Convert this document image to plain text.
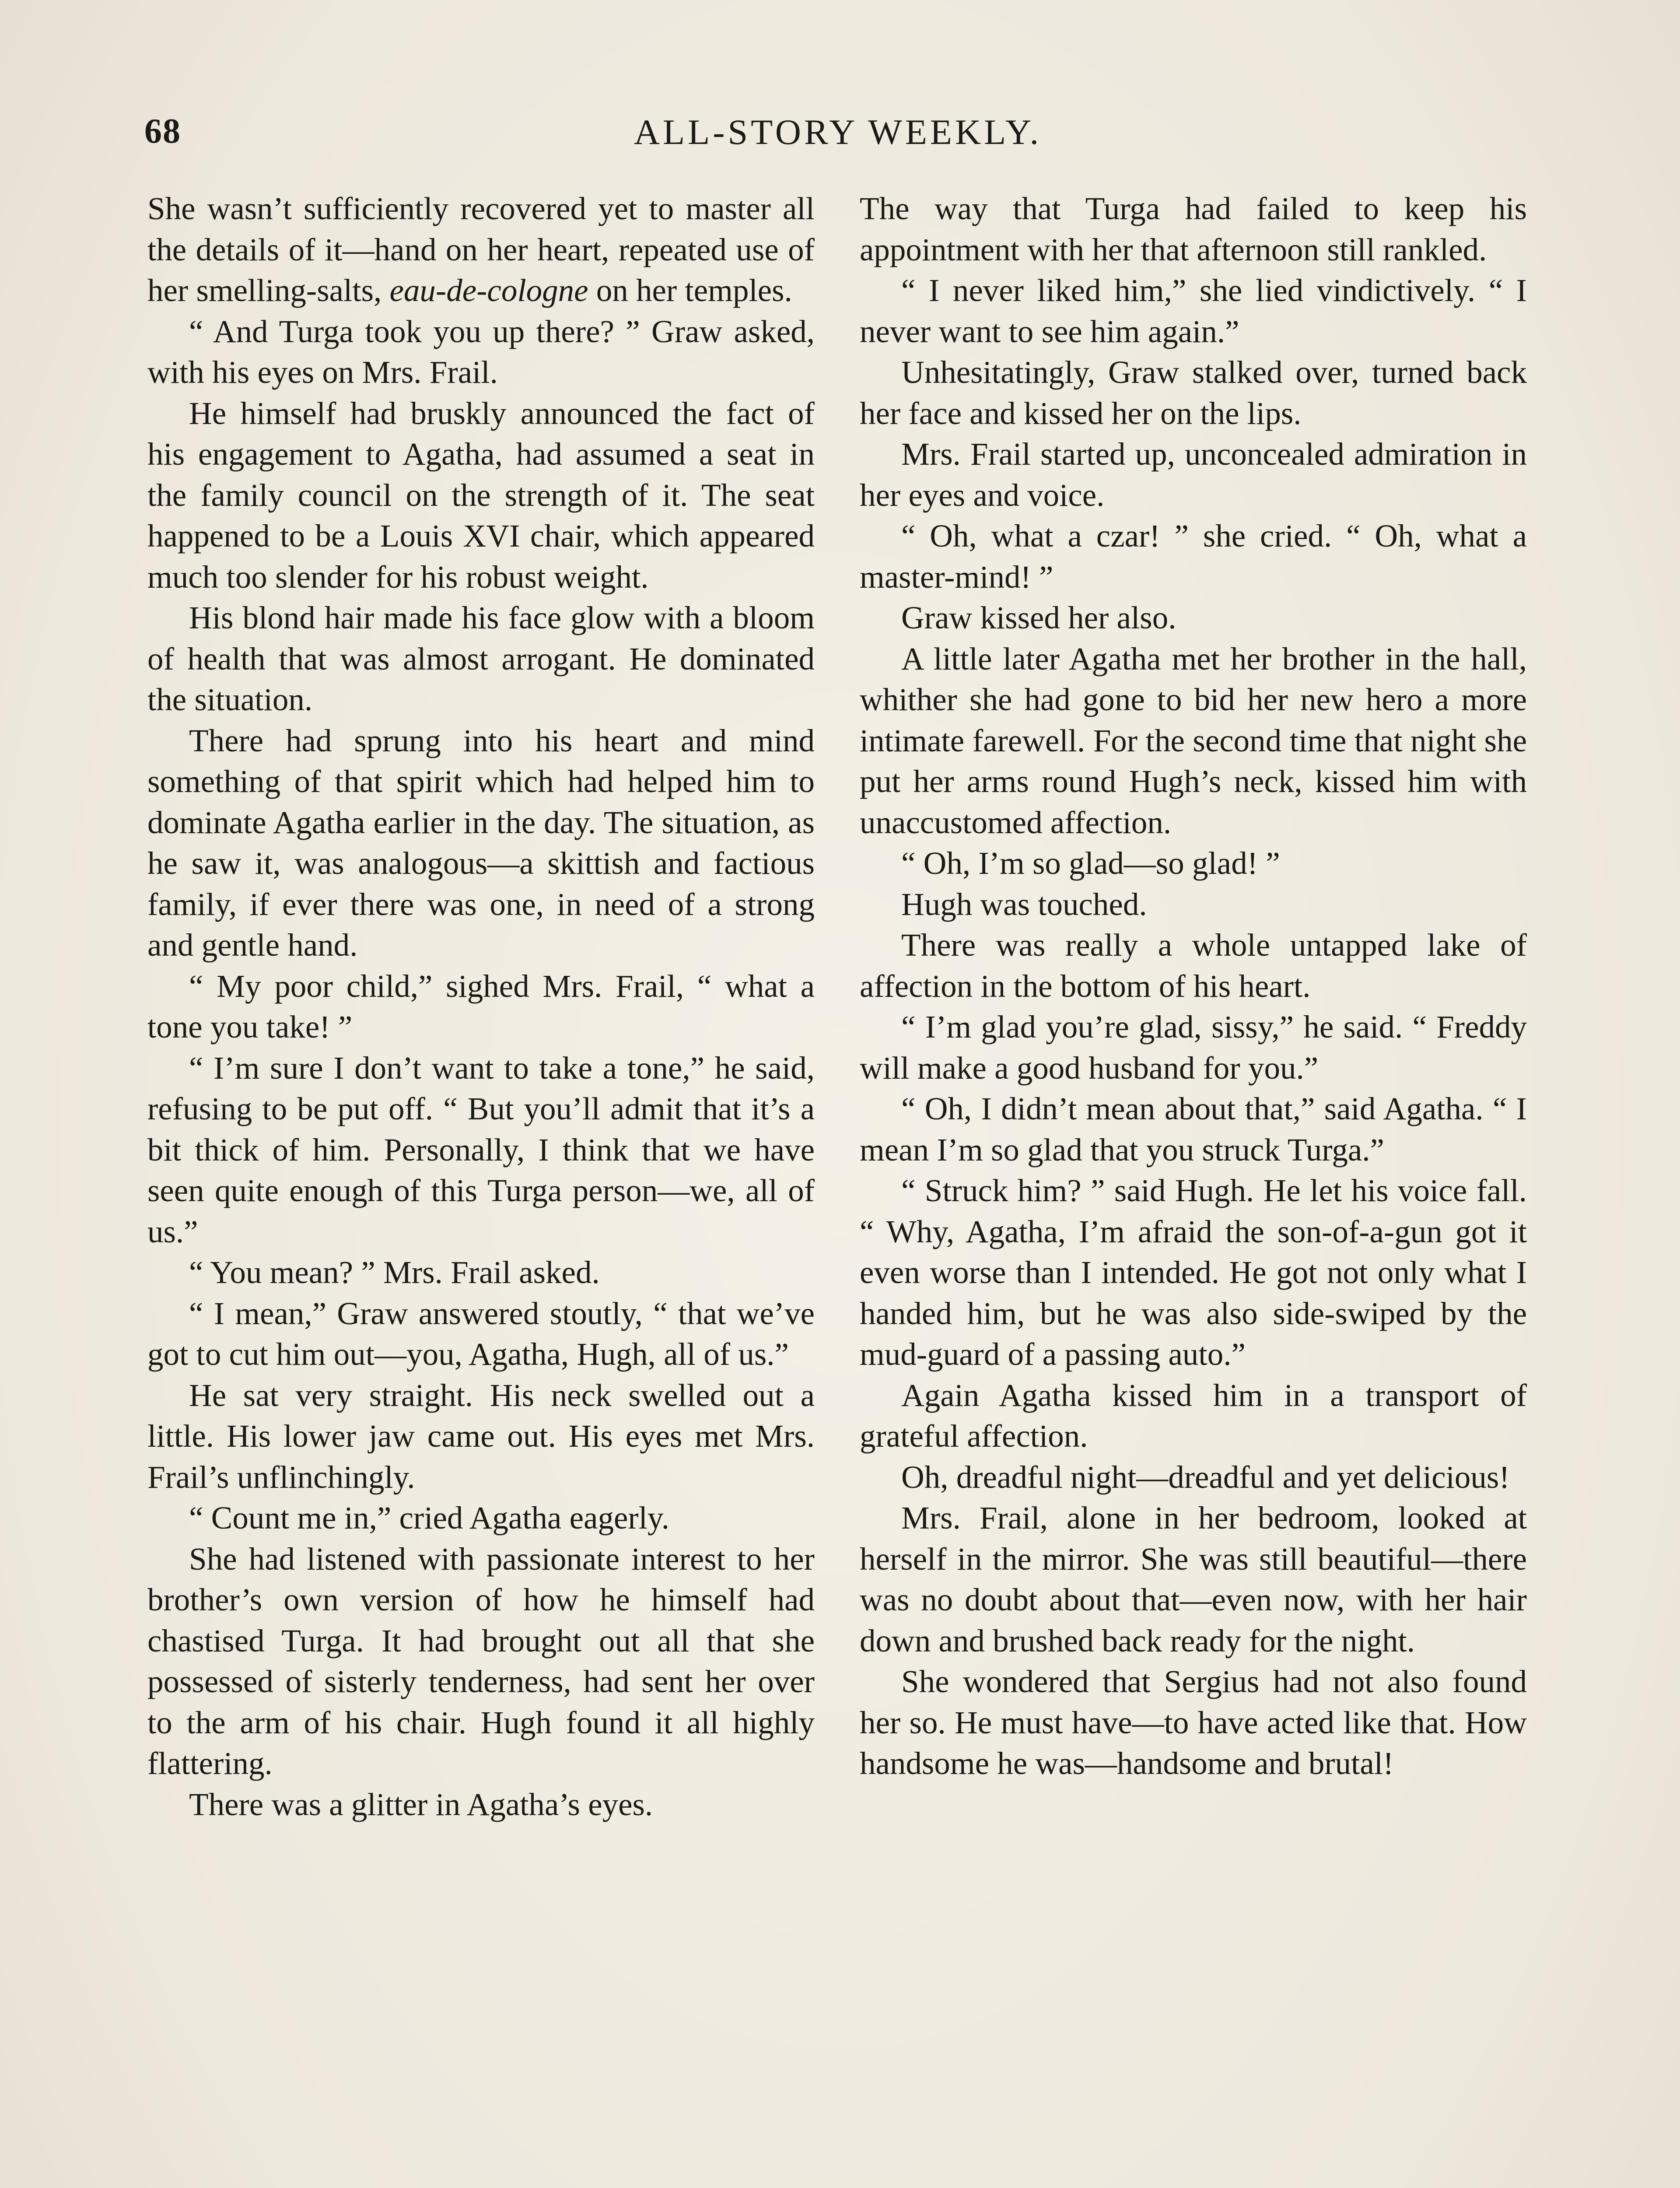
68	ALL-STORY WEEKLY.

She wasn’t sufficiently recovered yet to master all the details of it—hand on her heart, repeated use of her smelling-salts, eau-de-cologne on her temples.

“ And Turga took you up there? ” Graw asked, with his eyes on Mrs. Frail.

He himself had bruskly announced the fact of his engagement to Agatha, had assumed a seat in the family council on the strength of it. The seat happened to be a Louis XVI chair, which appeared much too slender for his robust weight.

His blond hair made his face glow with a bloom of health that was almost arrogant. He dominated the situation.

There had sprung into his heart and mind something of that spirit which had helped him to dominate Agatha earlier in the day. The situation, as he saw it, was analogous—a skittish and factious family, if ever there was one, in need of a strong and gentle hand.

“ My poor child,” sighed Mrs. Frail, “ what a tone you take! ”

“ I’m sure I don’t want to take a tone,” he said, refusing to be put off. “ But you’ll admit that it’s a bit thick of him. Personally, I think that we have seen quite enough of this Turga person—we, all of us.”

“ You mean? ” Mrs. Frail asked.

“ I mean,” Graw answered stoutly, “ that we’ve got to cut him out—you, Agatha, Hugh, all of us.”

He sat very straight. His neck swelled out a little. His lower jaw came out. His eyes met Mrs. Frail’s unflinchingly.

“ Count me in,” cried Agatha eagerly.

She had listened with passionate interest to her brother’s own version of how he himself had chastised Turga. It had brought out all that she possessed of sisterly tenderness, had sent her over to the arm of his chair. Hugh found it all highly flattering.

There was a glitter in Agatha’s eyes.

The way that Turga had failed to keep his appointment with her that afternoon still rankled.

“ I never liked him,” she lied vindictively. “ I never want to see him again.”

Unhesitatingly, Graw stalked over, turned back her face and kissed her on the lips.

Mrs. Frail started up, unconcealed admiration in her eyes and voice.

“ Oh, what a czar! ” she cried. “ Oh, what a master-mind! ”

Graw kissed her also.

A little later Agatha met her brother in the hall, whither she had gone to bid her new hero a more intimate farewell. For the second time that night she put her arms round Hugh’s neck, kissed him with unaccustomed affection.

“ Oh, I’m so glad—so glad! ”

Hugh was touched.

There was really a whole untapped lake of affection in the bottom of his heart.

“ I’m glad you’re glad, sissy,” he said. “ Freddy will make a good husband for you.”

“ Oh, I didn’t mean about that,” said Agatha. “ I mean I’m so glad that you struck Turga.”

“ Struck him? ” said Hugh. He let his voice fall. “ Why, Agatha, I’m afraid the son-of-a-gun got it even worse than I intended. He got not only what I handed him, but he was also side-swiped by the mud-guard of a passing auto.”

Again Agatha kissed him in a transport of grateful affection.

Oh, dreadful night—dreadful and yet delicious!

Mrs. Frail, alone in her bedroom, looked at herself in the mirror. She was still beautiful—there was no doubt about that—even now, with her hair down and brushed back ready for the night.

She wondered that Sergius had not also found her so. He must have—to have acted like that. How handsome he was—handsome and brutal!
